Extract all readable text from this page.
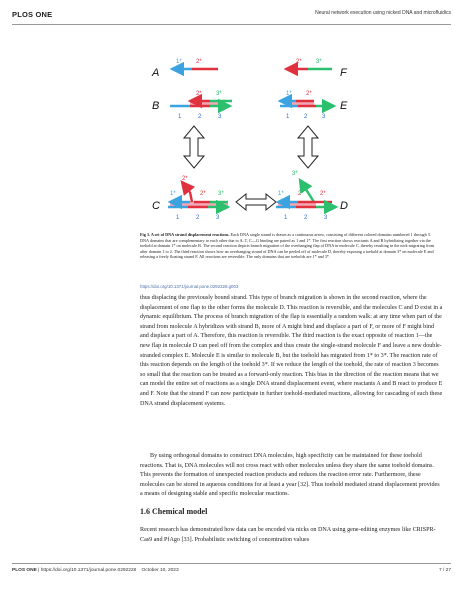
PLOS ONE	Neural network execution using nicked DNA and microfluidics
A
1* 2*
F
2* 3*
B
2* 3*
1	2	3
E
1* 2*
1 2 3
C
2*
1*	2* 3*
1	2	3
D
3*
1* 2*	2*
1	2	3
Fig 3. A set of DNA strand displacement reactions. Each DNA single strand is drawn as a continuous arrow, consisting of different colored domains numbered 1 through 3. DNA domains that are complementary to each other due to A–T, C—G binding are paired as 1 and 1*. The first reaction shows reactants A and B hybridizing together via the toehold at domain 1* on molecule B. The second reaction depicts branch migration of the overhanging flap of DNA in molecule C, thereby resulting in the nick migrating from after domain 1 to 2. The third reaction shows how an overhanging strand of DNA can be peeled off of molecule D, thereby exposing a toehold at domain 3* on molecule E and releasing a freely floating strand F. All reactions are reversible. The only domains that are toeholds are 1* and 3*.
https://doi.org/10.1371/journal.pone.0292228.g003
thus displacing the previously bound strand. This type of branch migration is shown in the second reaction, where the displacement of one flap to the other forms the molecule D. This reaction is reversible, and the molecules C and D exist in a dynamic equilibrium. The process of branch migration of the flap is essentially a random walk: at any time when part of the strand from molecule A hybridizes with strand B, more of A might bind and displace a part of F, or more of F might bind and displace a part of A. Therefore, this reaction is reversible. The third reaction is the exact opposite of reaction 1—the new flap in molecule D can peel off from the complex and thus create the single-strand molecule F and leave a new double-stranded complex E. Molecule E is similar to molecule B, but the toehold has migrated from 1* to 3*. The reaction rate of this reaction depends on the length of the toehold 3*. If we reduce the length of the toehold, the rate of reaction 3 becomes so small that the reaction can be treated as a forward-only reaction. This bias in the direction of the reaction means that we can model the entire set of reactions as a single DNA strand displacement event, where reactants A and B react to produce E and F. Note that the strand F can now participate in further toehold-mediated reactions, allowing for cascading of such these DNA strand displacement systems.
By using orthogonal domains to construct DNA molecules, high specificity can be maintained for these toehold reactions. That is, DNA molecules will not cross react with other molecules unless they share the same toehold domains. This prevents the formation of unexpected reaction products and reduces the reaction error rate. Furthermore, these molecules can be stored in aqueous conditions for at least a year [32]. Thus toehold mediated strand displacement provides a means of designing stable and specific molecular reactions.
1.6 Chemical model
Recent research has demonstrated how data can be encoded via nicks on DNA using gene-editing enzymes like CRISPR-Cas9 and PfAgo [33]. Probabilistic switching of concentration values
PLOS ONE | https://doi.org/10.1371/journal.pone.0292228 October 10, 2023	7 / 27
